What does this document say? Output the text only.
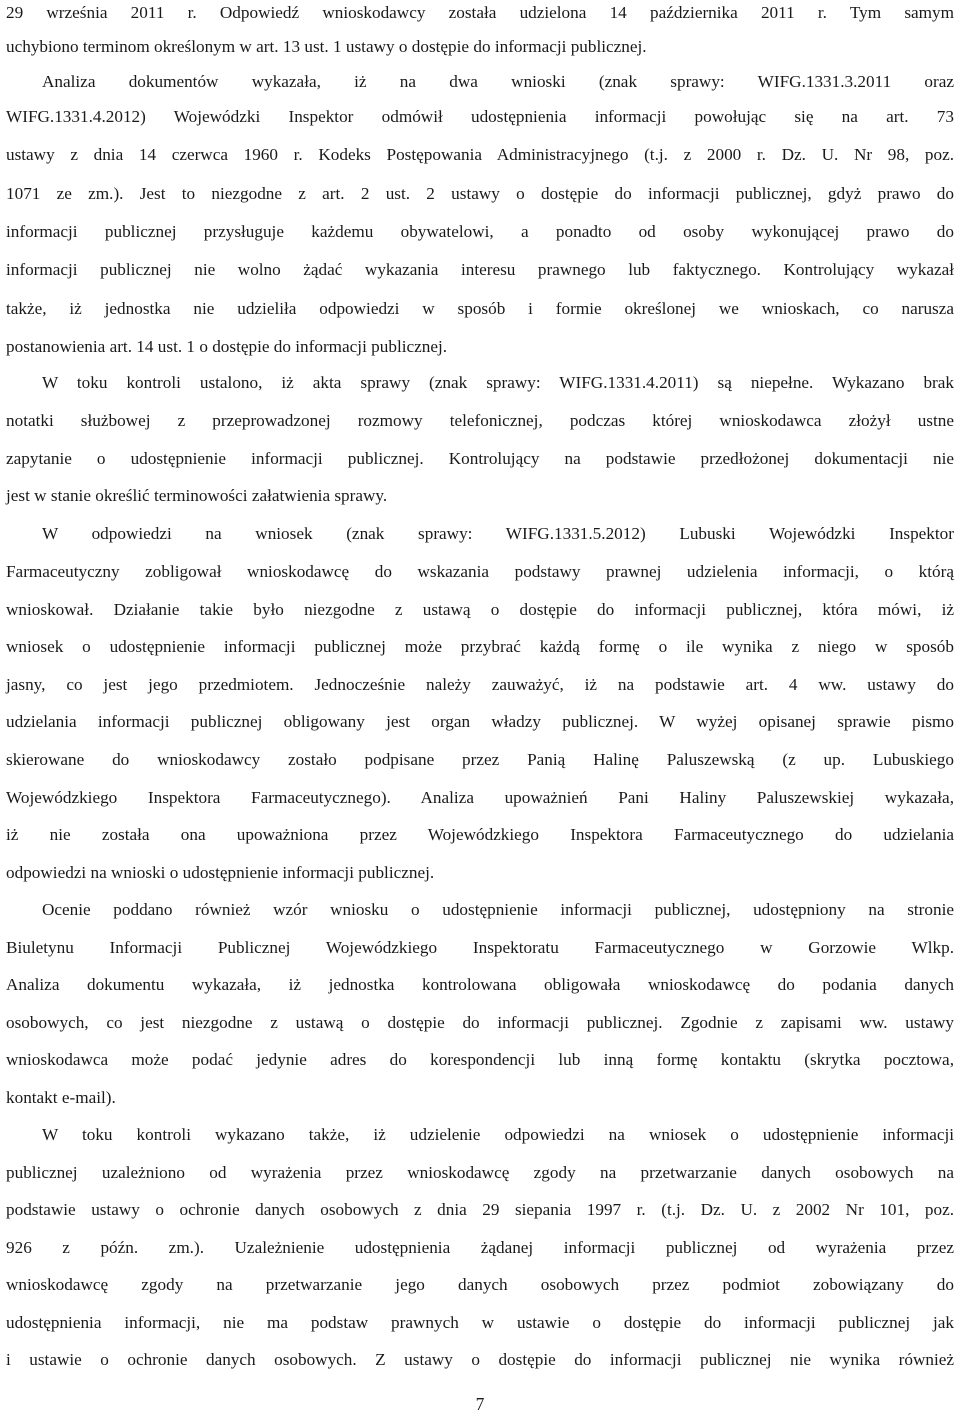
29 września 2011 r. Odpowiedź wnioskodawcy została udzielona 14 października 2011 r. Tym samym
uchybiono terminom określonym w art. 13 ust. 1 ustawy o dostępie do informacji publicznej.
Analiza dokumentów wykazała, iż na dwa wnioski (znak sprawy: WIFG.1331.3.2011 oraz
WIFG.1331.4.2012) Wojewódzki Inspektor odmówił udostępnienia informacji powołując się na art. 73
ustawy z dnia 14 czerwca 1960 r. Kodeks Postępowania Administracyjnego (t.j. z 2000 r. Dz. U. Nr 98, poz.
1071 ze zm.). Jest to niezgodne z art. 2 ust. 2 ustawy o dostępie do informacji publicznej, gdyż prawo do
informacji publicznej przysługuje każdemu obywatelowi, a ponadto od osoby wykonującej prawo do
informacji publicznej nie wolno żądać wykazania interesu prawnego lub faktycznego. Kontrolujący wykazał
także, iż jednostka nie udzieliła odpowiedzi w sposób i formie określonej we wnioskach, co narusza
postanowienia art. 14 ust. 1 o dostępie do informacji publicznej.
W toku kontroli ustalono, iż akta sprawy (znak sprawy: WIFG.1331.4.2011) są niepełne. Wykazano brak
notatki służbowej z przeprowadzonej rozmowy telefonicznej, podczas której wnioskodawca złożył ustne
zapytanie o udostępnienie informacji publicznej. Kontrolujący na podstawie przedłożonej dokumentacji nie
jest w stanie określić terminowości załatwienia sprawy.
W odpowiedzi na wniosek (znak sprawy: WIFG.1331.5.2012) Lubuski Wojewódzki Inspektor
Farmaceutyczny zobligował wnioskodawcę do wskazania podstawy prawnej udzielenia informacji, o którą
wnioskował. Działanie takie było niezgodne z ustawą o dostępie do informacji publicznej, która mówi, iż
wniosek o udostępnienie informacji publicznej może przybrać każdą formę o ile wynika z niego w sposób
jasny, co jest jego przedmiotem. Jednocześnie należy zauważyć, iż na podstawie art. 4 ww. ustawy do
udzielania informacji publicznej obligowany jest organ władzy publicznej. W wyżej opisanej sprawie pismo
skierowane do wnioskodawcy zostało podpisane przez Panią Halinę Paluszewską (z up. Lubuskiego
Wojewódzkiego Inspektora Farmaceutycznego). Analiza upoważnień Pani Haliny Paluszewskiej wykazała,
iż nie została ona upoważniona przez Wojewódzkiego Inspektora Farmaceutycznego do udzielania
odpowiedzi na wnioski o udostępnienie informacji publicznej.
Ocenie poddano również wzór wniosku o udostępnienie informacji publicznej, udostępniony na stronie
Biuletynu Informacji Publicznej Wojewódzkiego Inspektoratu Farmaceutycznego w Gorzowie Wlkp.
Analiza dokumentu wykazała, iż jednostka kontrolowana obligowała wnioskodawcę do podania danych
osobowych, co jest niezgodne z ustawą o dostępie do informacji publicznej. Zgodnie z zapisami ww. ustawy
wnioskodawca może podać jedynie adres do korespondencji lub inną formę kontaktu (skrytka pocztowa,
kontakt e-mail).
W toku kontroli wykazano także, iż udzielenie odpowiedzi na wniosek o udostępnienie informacji
publicznej uzależniono od wyrażenia przez wnioskodawcę zgody na przetwarzanie danych osobowych na
podstawie ustawy o ochronie danych osobowych z dnia 29 siepania 1997 r. (t.j. Dz. U. z 2002 Nr 101, poz.
926 z późn. zm.). Uzależnienie udostępnienia żądanej informacji publicznej od wyrażenia przez
wnioskodawcę zgody na przetwarzanie jego danych osobowych przez podmiot zobowiązany do
udostępnienia informacji, nie ma podstaw prawnych w ustawie o dostępie do informacji publicznej jak
i ustawie o ochronie danych osobowych. Z ustawy o dostępie do informacji publicznej nie wynika również
7
